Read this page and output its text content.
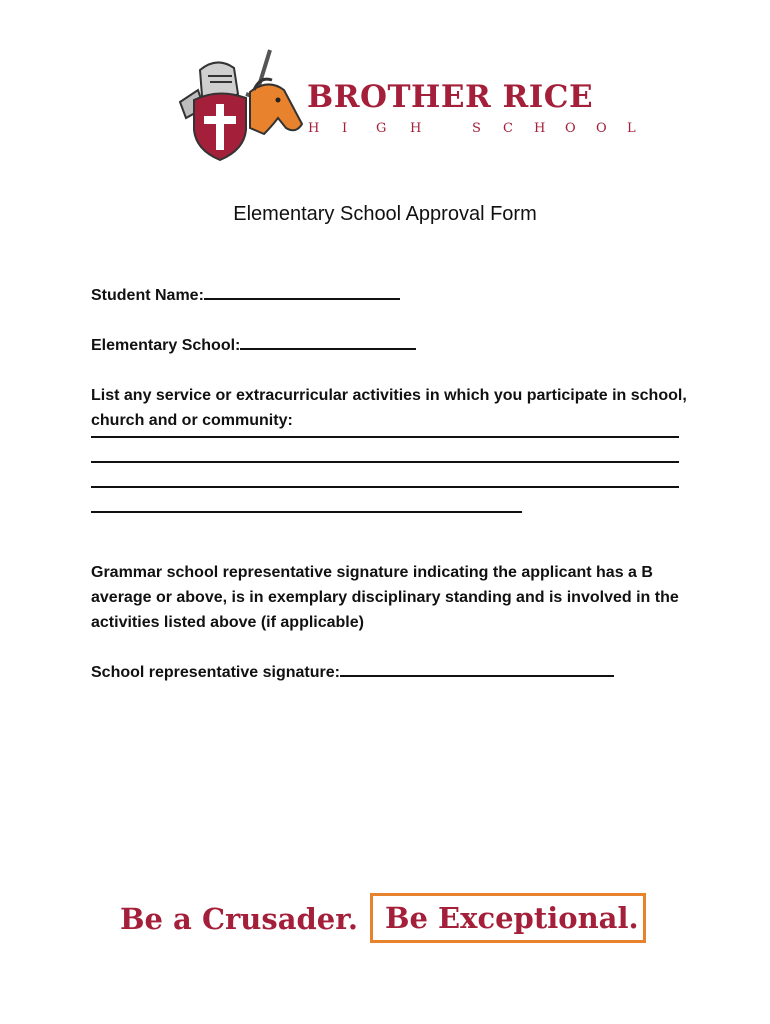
BROTHER RICE
H I G H	S C H O O L
Elementary School Approval Form
Student Name:
Elementary School:
List any service or extracurricular activities in which you participate in school, church and or community:
Grammar school representative signature indicating the applicant has a B average or above, is in exemplary disciplinary standing and is involved in the activities listed above (if applicable)
School representative signature:
Be a Crusader. Be Exceptional.
